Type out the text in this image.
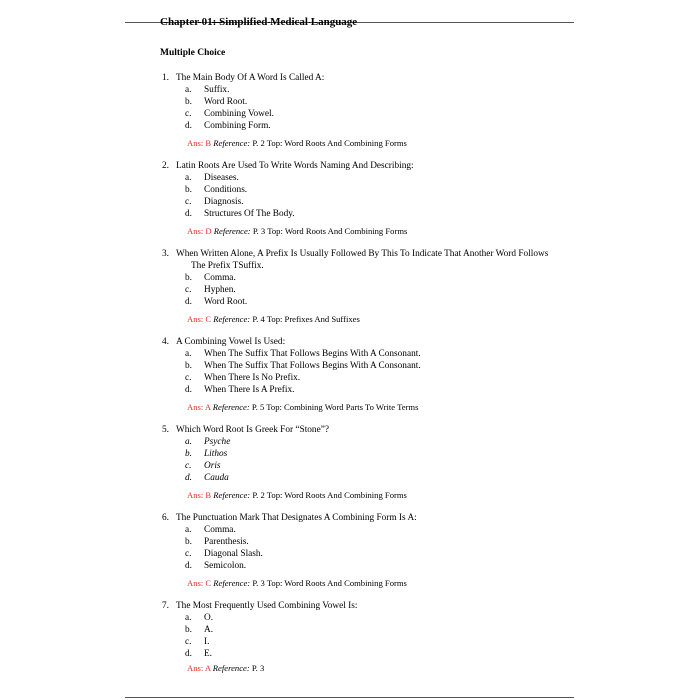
Chapter 01: Simplified Medical Language
Multiple Choice
1. The Main Body Of A Word Is Called A:
a. Suffix.
b. Word Root.
c. Combining Vowel.
d. Combining Form.
Ans: B Reference: P. 2 Top: Word Roots And Combining Forms
2. Latin Roots Are Used To Write Words Naming And Describing:
a. Diseases.
b. Conditions.
c. Diagnosis.
d. Structures Of The Body.
Ans: D Reference: P. 3 Top: Word Roots And Combining Forms
3. When Written Alone, A Prefix Is Usually Followed By This To Indicate That Another Word Follows
The Prefix TSuffix.
b. Comma.
c. Hyphen.
d. Word Root.
Ans: C Reference: P. 4 Top: Prefixes And Suffixes
4. A Combining Vowel Is Used:
a. When The Suffix That Follows Begins With A Consonant.
b. When The Suffix That Follows Begins With A Consonant.
c. When There Is No Prefix.
d. When There Is A Prefix.
Ans: A Reference: P. 5 Top: Combining Word Parts To Write Terms
5. Which Word Root Is Greek For “Stone”?
a. Psyche
b. Lithos
c. Oris
d. Cauda
Ans: B Reference: P. 2 Top: Word Roots And Combining Forms
6. The Punctuation Mark That Designates A Combining Form Is A:
a. Comma.
b. Parenthesis.
c. Diagonal Slash.
d. Semicolon.
Ans: C Reference: P. 3 Top: Word Roots And Combining Forms
7. The Most Frequently Used Combining Vowel Is:
a. O.
b. A.
c. I.
d. E.
Ans: A Reference: P. 3
